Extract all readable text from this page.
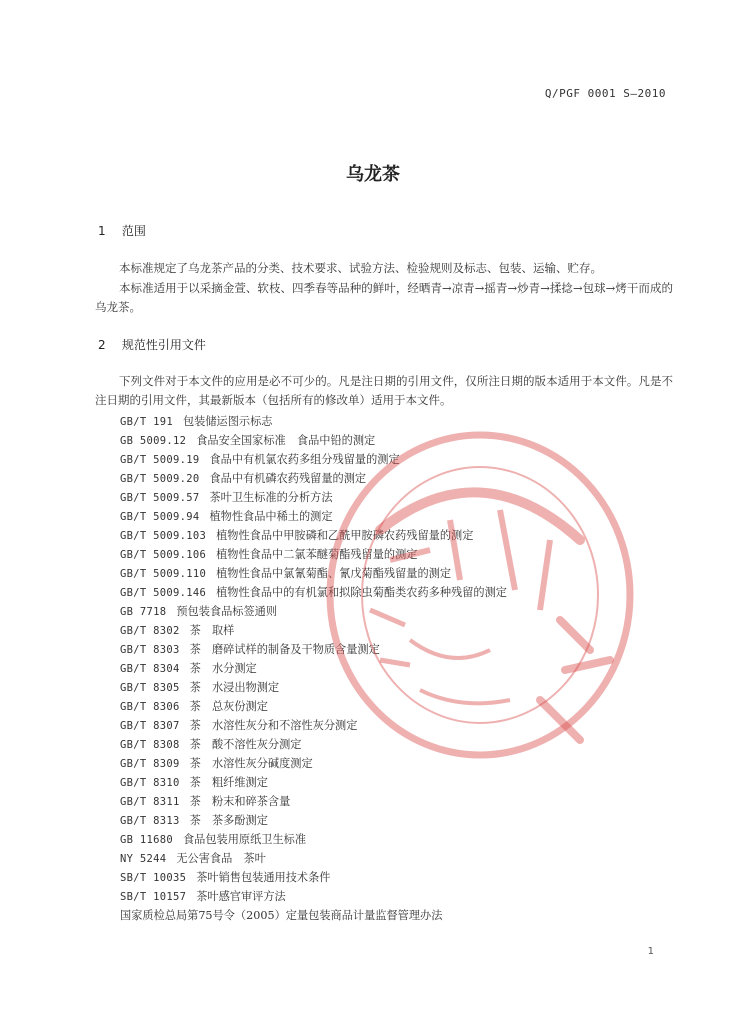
Q/PGF 0001 S—2010
乌龙茶
1 范围
本标准规定了乌龙茶产品的分类、技术要求、试验方法、检验规则及标志、包装、运输、贮存。
本标准适用于以采摘金萱、软枝、四季春等品种的鲜叶，经晒青→凉青→摇青→炒青→揉捻→包球→烤干而成的乌龙茶。
2 规范性引用文件
下列文件对于本文件的应用是必不可少的。凡是注日期的引用文件，仅所注日期的版本适用于本文件。凡是不注日期的引用文件，其最新版本（包括所有的修改单）适用于本文件。
GB/T 191 包装储运图示标志
GB 5009.12 食品安全国家标准　食品中铅的测定
GB/T 5009.19 食品中有机氯农药多组分残留量的测定
GB/T 5009.20 食品中有机磷农药残留量的测定
GB/T 5009.57 茶叶卫生标准的分析方法
GB/T 5009.94 植物性食品中稀土的测定
GB/T 5009.103 植物性食品中甲胺磷和乙酰甲胺磷农药残留量的测定
GB/T 5009.106 植物性食品中二氯苯醚菊酯残留量的测定
GB/T 5009.110 植物性食品中氯氰菊酯、氰戊菊酯残留量的测定
GB/T 5009.146 植物性食品中的有机氯和拟除虫菊酯类农药多种残留的测定
GB 7718 预包装食品标签通则
GB/T 8302 茶　取样
GB/T 8303 茶　磨碎试样的制备及干物质含量测定
GB/T 8304 茶　水分测定
GB/T 8305 茶　水浸出物测定
GB/T 8306 茶　总灰份测定
GB/T 8307 茶　水溶性灰分和不溶性灰分测定
GB/T 8308 茶　酸不溶性灰分测定
GB/T 8309 茶　水溶性灰分碱度测定
GB/T 8310 茶　粗纤维测定
GB/T 8311 茶　粉末和碎茶含量
GB/T 8313 茶　茶多酚测定
GB 11680 食品包装用原纸卫生标准
NY 5244 无公害食品　茶叶
SB/T 10035 茶叶销售包装通用技术条件
SB/T 10157 茶叶感官审评方法
国家质检总局第75号令（2005）定量包装商品计量监督管理办法
1
